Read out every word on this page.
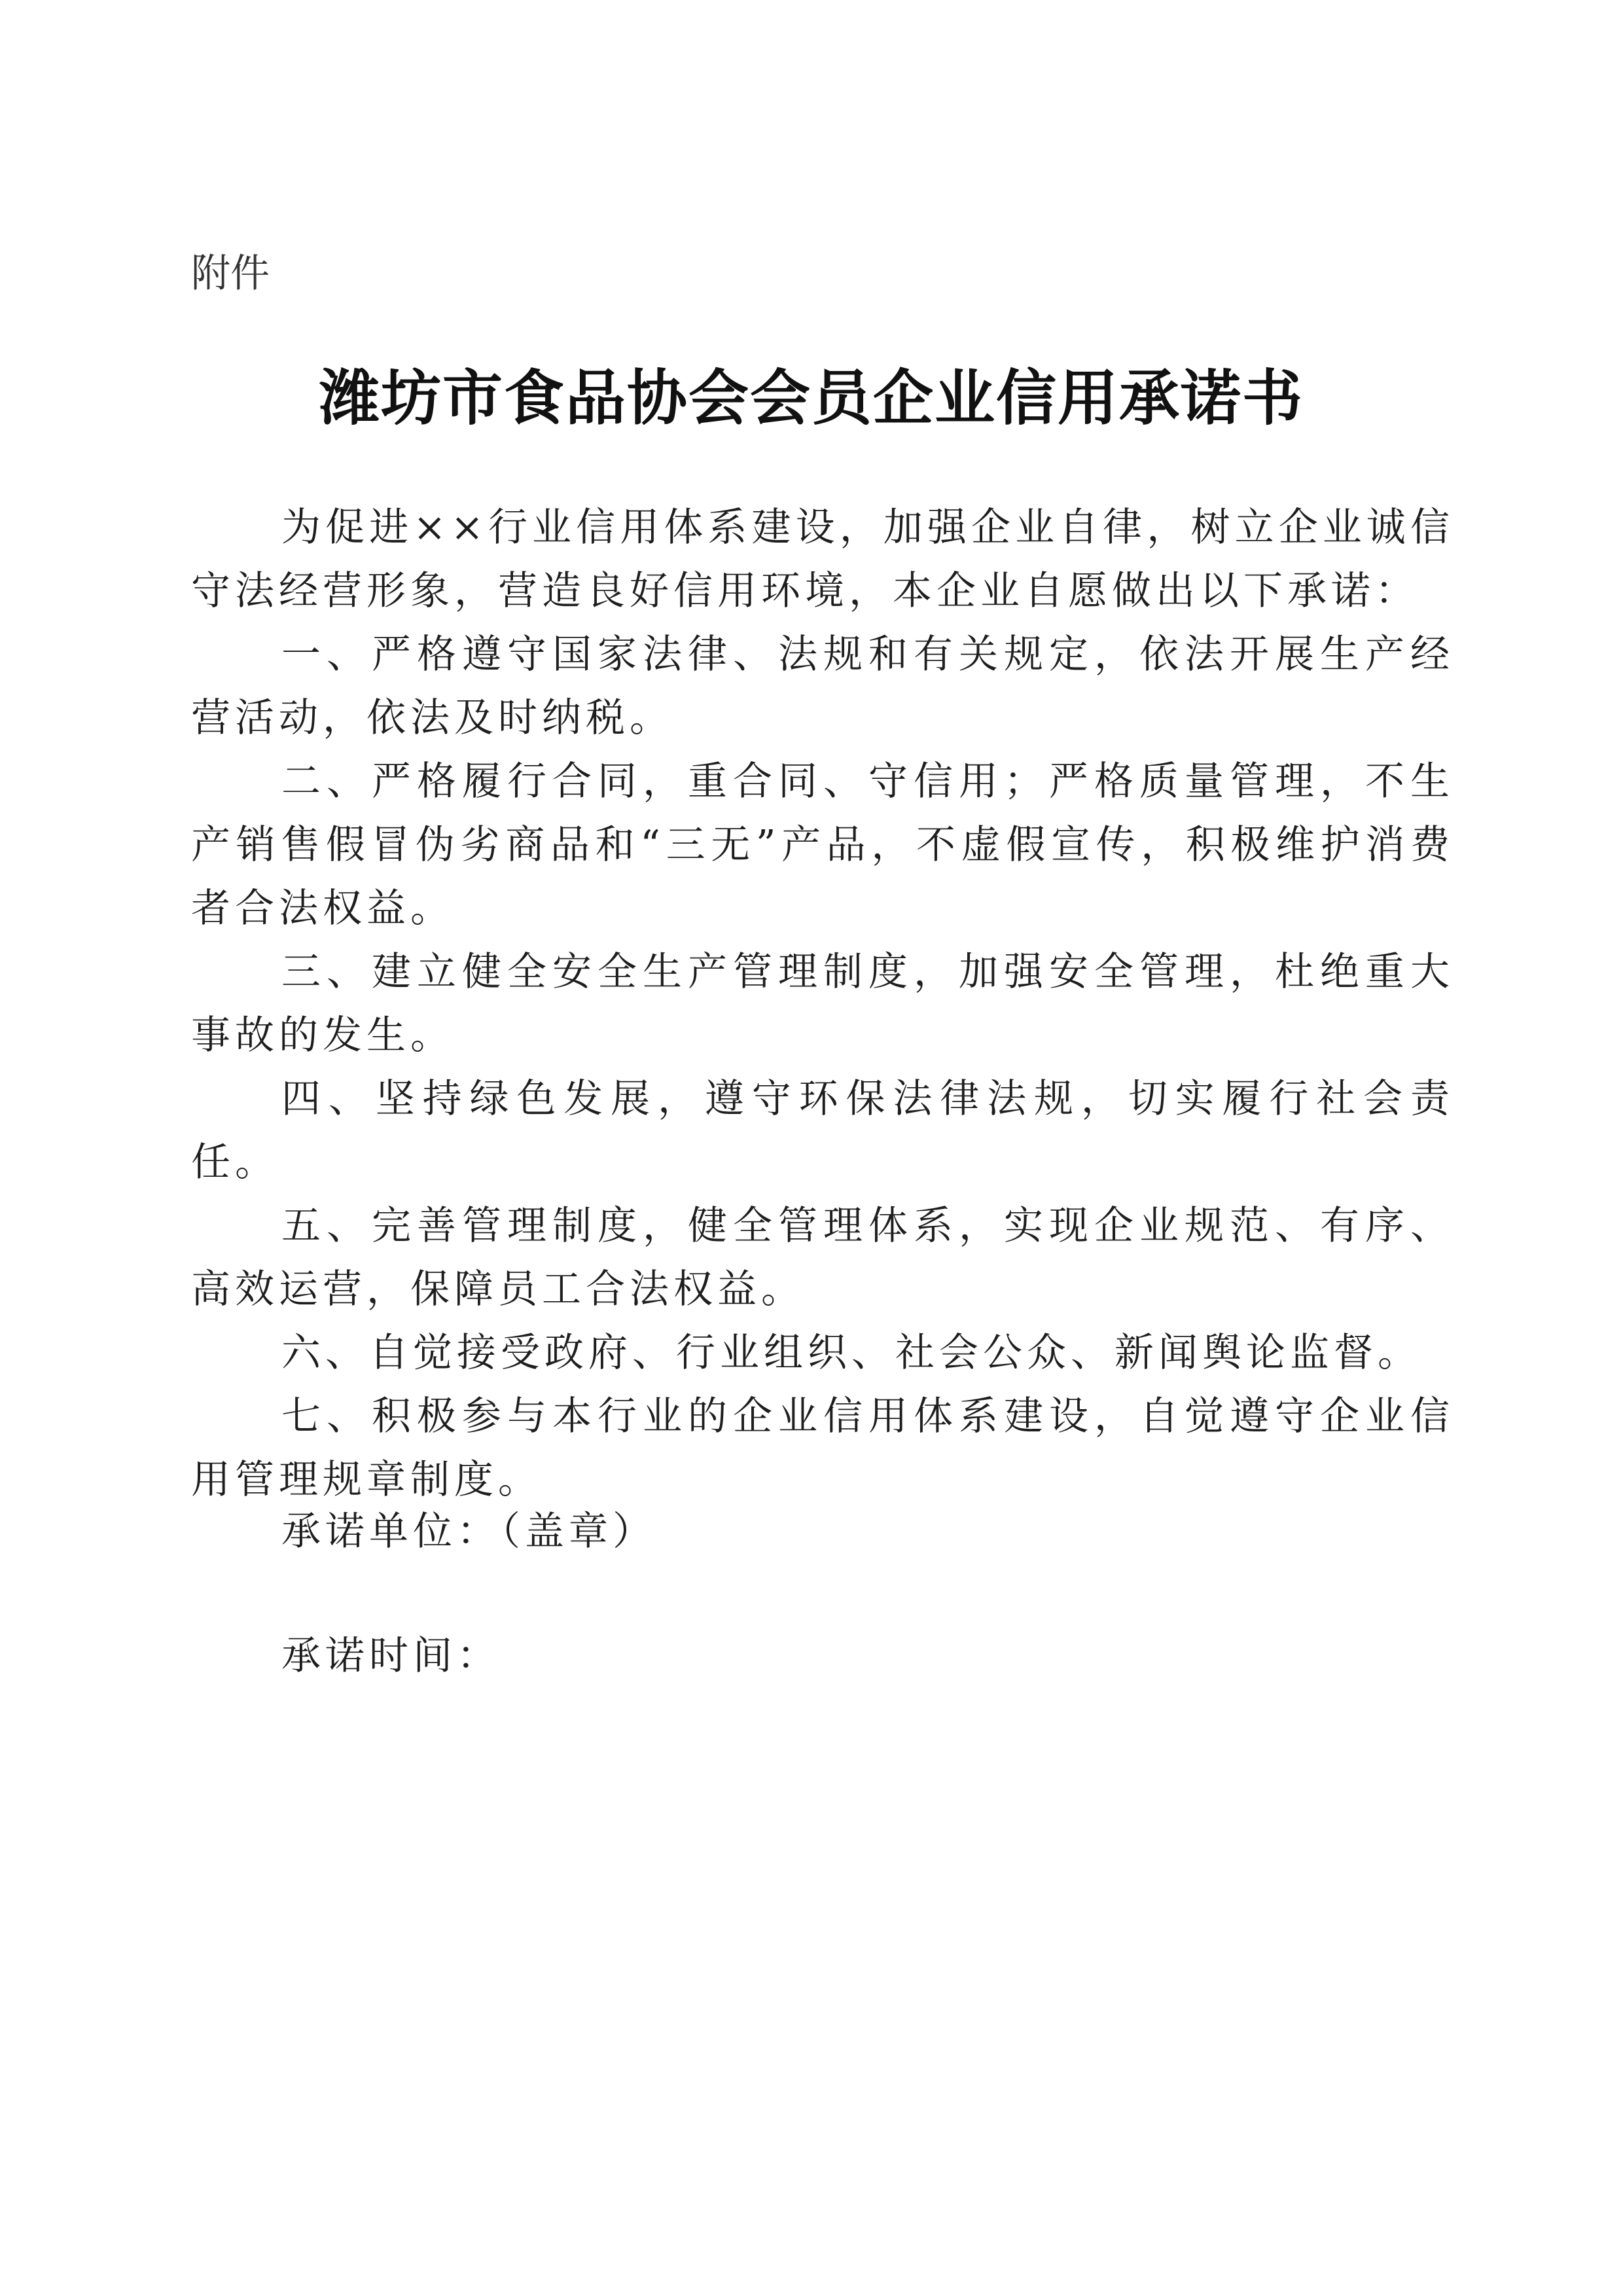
附件

潍坊市食品协会会员企业信用承诺书

为促进××行业信用体系建设，加强企业自律，树立企业诚信守法经营形象，营造良好信用环境，本企业自愿做出以下承诺：

一、严格遵守国家法律、法规和有关规定，依法开展生产经营活动，依法及时纳税。

二、严格履行合同，重合同、守信用；严格质量管理，不生产销售假冒伪劣商品和“三无”产品，不虚假宣传，积极维护消费者合法权益。

三、建立健全安全生产管理制度，加强安全管理，杜绝重大事故的发生。

四、坚持绿色发展，遵守环保法律法规，切实履行社会责任。

五、完善管理制度，健全管理体系，实现企业规范、有序、高效运营，保障员工合法权益。

六、自觉接受政府、行业组织、社会公众、新闻舆论监督。

七、积极参与本行业的企业信用体系建设，自觉遵守企业信用管理规章制度。

承诺单位：（盖章）

承诺时间：
